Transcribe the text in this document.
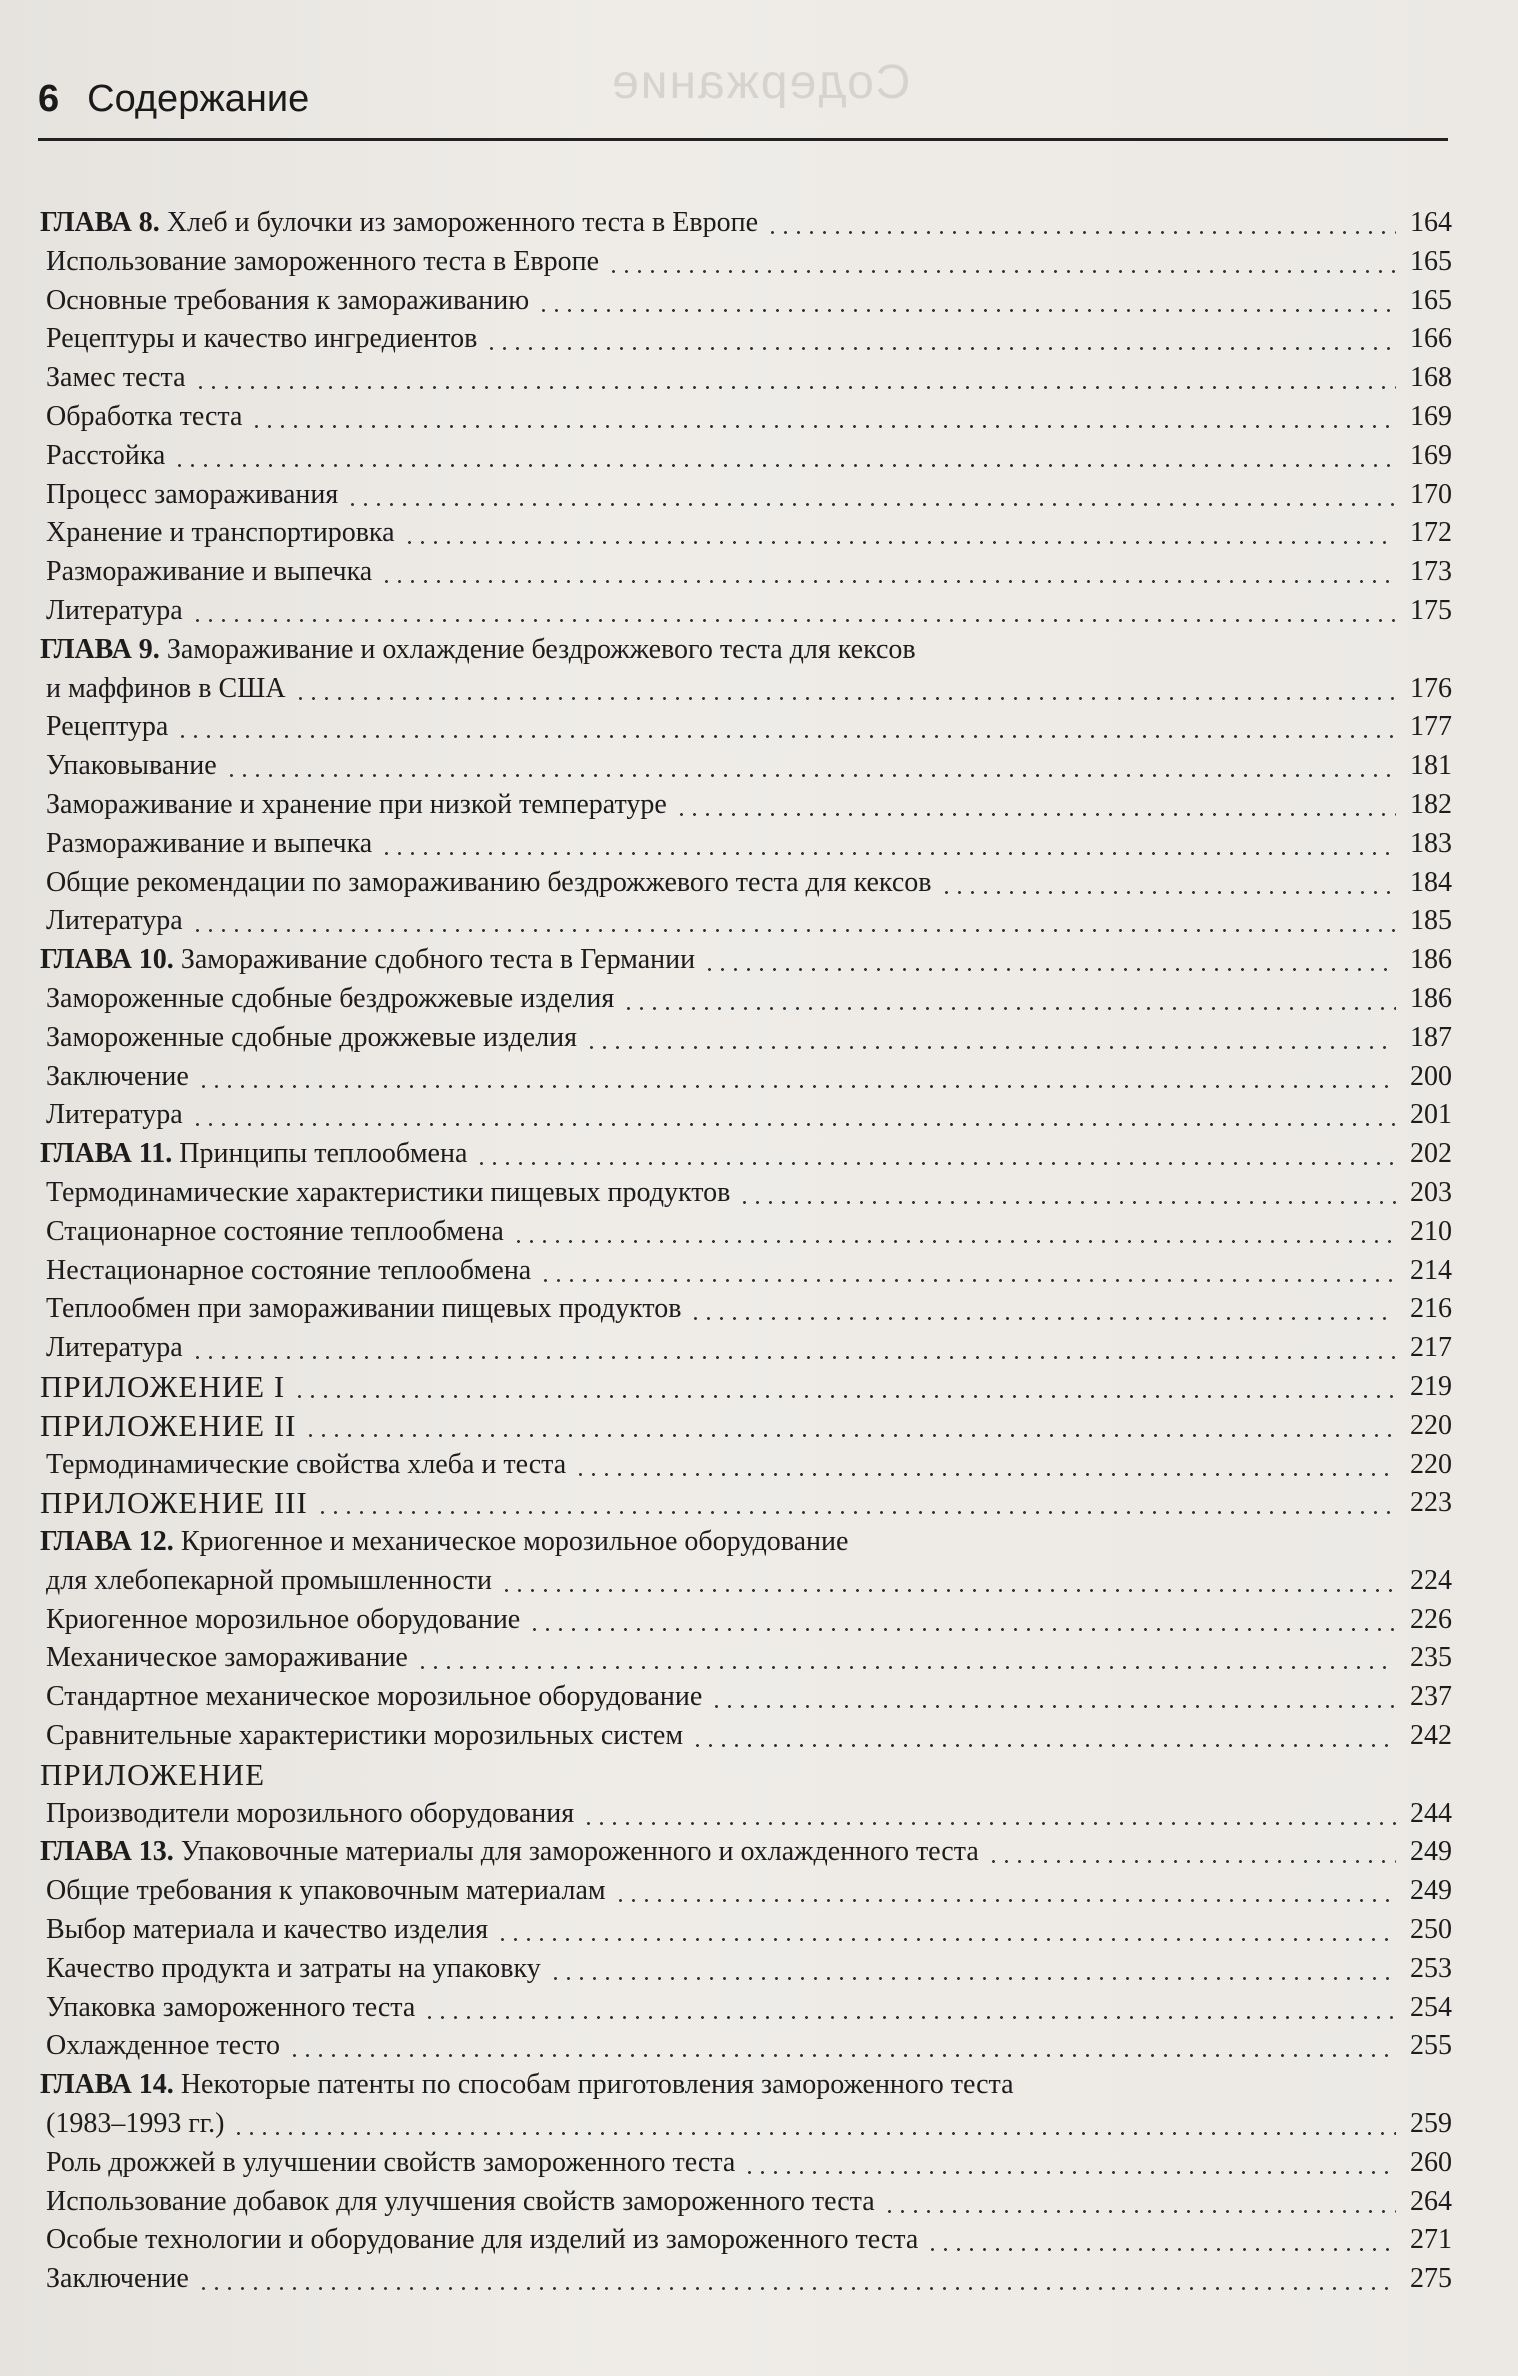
Содержание
6 Содержание
ГЛАВА 8. Хлеб и булочки из замороженного теста в Европе	164
Использование замороженного теста в Европе	165
Основные требования к замораживанию	165
Рецептуры и качество ингредиентов	166
Замес теста	168
Обработка теста	169
Расстойка	169
Процесс замораживания	170
Хранение и транспортировка	172
Размораживание и выпечка	173
Литература	175
ГЛАВА 9. Замораживание и охлаждение бездрожжевого теста для кексов
и маффинов в США	176
Рецептура	177
Упаковывание	181
Замораживание и хранение при низкой температуре	182
Размораживание и выпечка	183
Общие рекомендации по замораживанию бездрожжевого теста для кексов	184
Литература	185
ГЛАВА 10. Замораживание сдобного теста в Германии	186
Замороженные сдобные бездрожжевые изделия	186
Замороженные сдобные дрожжевые изделия	187
Заключение	200
Литература	201
ГЛАВА 11. Принципы теплообмена	202
Термодинамические характеристики пищевых продуктов	203
Стационарное состояние теплообмена	210
Нестационарное состояние теплообмена	214
Теплообмен при замораживании пищевых продуктов	216
Литература	217
ПРИЛОЖЕНИЕ I	219
ПРИЛОЖЕНИЕ II	220
Термодинамические свойства хлеба и теста	220
ПРИЛОЖЕНИЕ III	223
ГЛАВА 12. Криогенное и механическое морозильное оборудование
для хлебопекарной промышленности	224
Криогенное морозильное оборудование	226
Механическое замораживание	235
Стандартное механическое морозильное оборудование	237
Сравнительные характеристики морозильных систем	242
ПРИЛОЖЕНИЕ
Производители морозильного оборудования	244
ГЛАВА 13. Упаковочные материалы для замороженного и охлажденного теста	249
Общие требования к упаковочным материалам	249
Выбор материала и качество изделия	250
Качество продукта и затраты на упаковку	253
Упаковка замороженного теста	254
Охлажденное тесто	255
ГЛАВА 14. Некоторые патенты по способам приготовления замороженного теста
(1983–1993 гг.)	259
Роль дрожжей в улучшении свойств замороженного теста	260
Использование добавок для улучшения свойств замороженного теста	264
Особые технологии и оборудование для изделий из замороженного теста	271
Заключение	275
